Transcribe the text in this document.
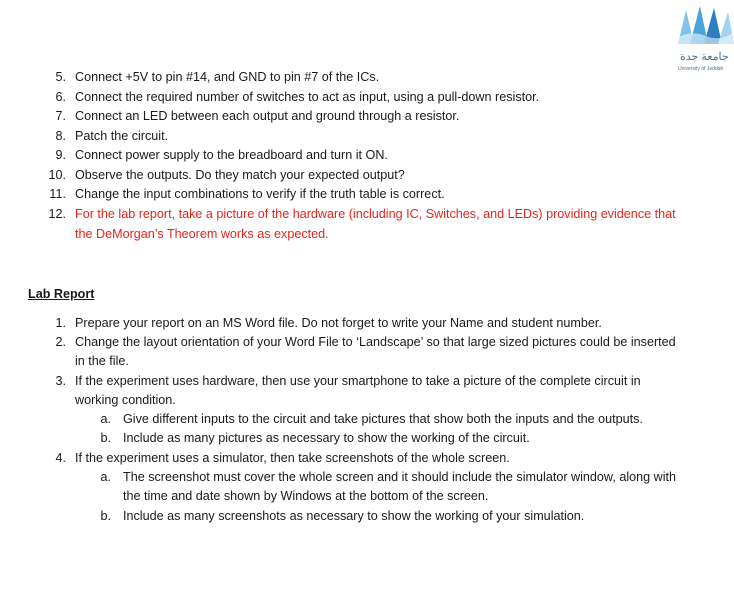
جامعة جدة
University of Jeddah
5. Connect +5V to pin #14, and GND to pin #7 of the ICs.
6. Connect the required number of switches to act as input, using a pull-down resistor.
7. Connect an LED between each output and ground through a resistor.
8. Patch the circuit.
9. Connect power supply to the breadboard and turn it ON.
10. Observe the outputs. Do they match your expected output?
11. Change the input combinations to verify if the truth table is correct.
12. For the lab report, take a picture of the hardware (including IC, Switches, and LEDs) providing evidence that
the DeMorgan’s Theorem works as expected.
Lab Report
1. Prepare your report on an MS Word file. Do not forget to write your Name and student number.
2. Change the layout orientation of your Word File to ‘Landscape’ so that large sized pictures could be inserted
in the file.
3. If the experiment uses hardware, then use your smartphone to take a picture of the complete circuit in
working condition.
a. Give different inputs to the circuit and take pictures that show both the inputs and the outputs.
b. Include as many pictures as necessary to show the working of the circuit.
4. If the experiment uses a simulator, then take screenshots of the whole screen.
a. The screenshot must cover the whole screen and it should include the simulator window, along with
the time and date shown by Windows at the bottom of the screen.
b. Include as many screenshots as necessary to show the working of your simulation.
